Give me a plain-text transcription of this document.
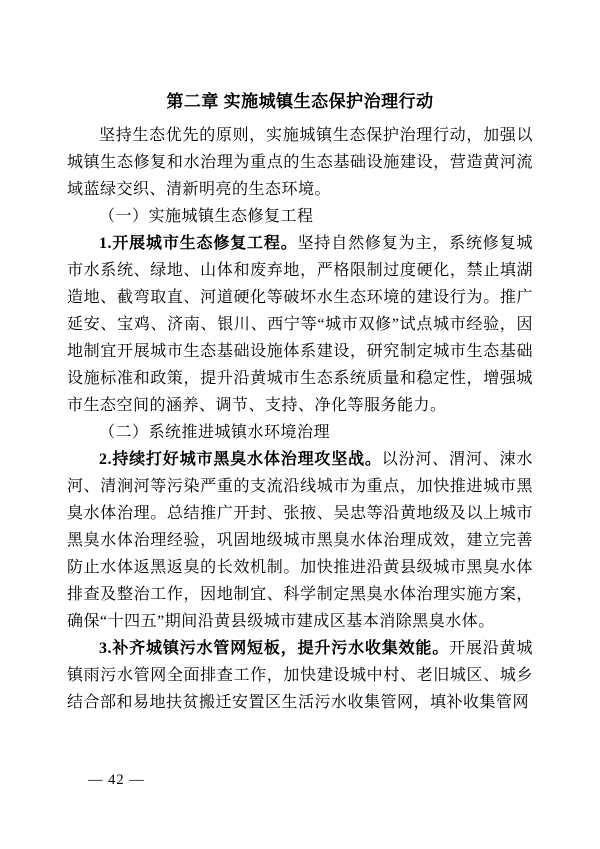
第二章 实施城镇生态保护治理行动

坚持生态优先的原则，实施城镇生态保护治理行动，加强以城镇生态修复和水治理为重点的生态基础设施建设，营造黄河流域蓝绿交织、清新明亮的生态环境。

（一）实施城镇生态修复工程

1.开展城市生态修复工程。坚持自然修复为主，系统修复城市水系统、绿地、山体和废弃地，严格限制过度硬化，禁止填湖造地、截弯取直、河道硬化等破坏水生态环境的建设行为。推广延安、宝鸡、济南、银川、西宁等“城市双修”试点城市经验，因地制宜开展城市生态基础设施体系建设，研究制定城市生态基础设施标准和政策，提升沿黄城市生态系统质量和稳定性，增强城市生态空间的涵养、调节、支持、净化等服务能力。

（二）系统推进城镇水环境治理

2.持续打好城市黑臭水体治理攻坚战。以汾河、渭河、涑水河、清涧河等污染严重的支流沿线城市为重点，加快推进城市黑臭水体治理。总结推广开封、张掖、吴忠等沿黄地级及以上城市黑臭水体治理经验，巩固地级城市黑臭水体治理成效，建立完善防止水体返黑返臭的长效机制。加快推进沿黄县级城市黑臭水体排查及整治工作，因地制宜、科学制定黑臭水体治理实施方案，确保“十四五”期间沿黄县级城市建成区基本消除黑臭水体。

3.补齐城镇污水管网短板，提升污水收集效能。开展沿黄城镇雨污水管网全面排查工作，加快建设城中村、老旧城区、城乡结合部和易地扶贫搬迁安置区生活污水收集管网，填补收集管网

— 42 —
